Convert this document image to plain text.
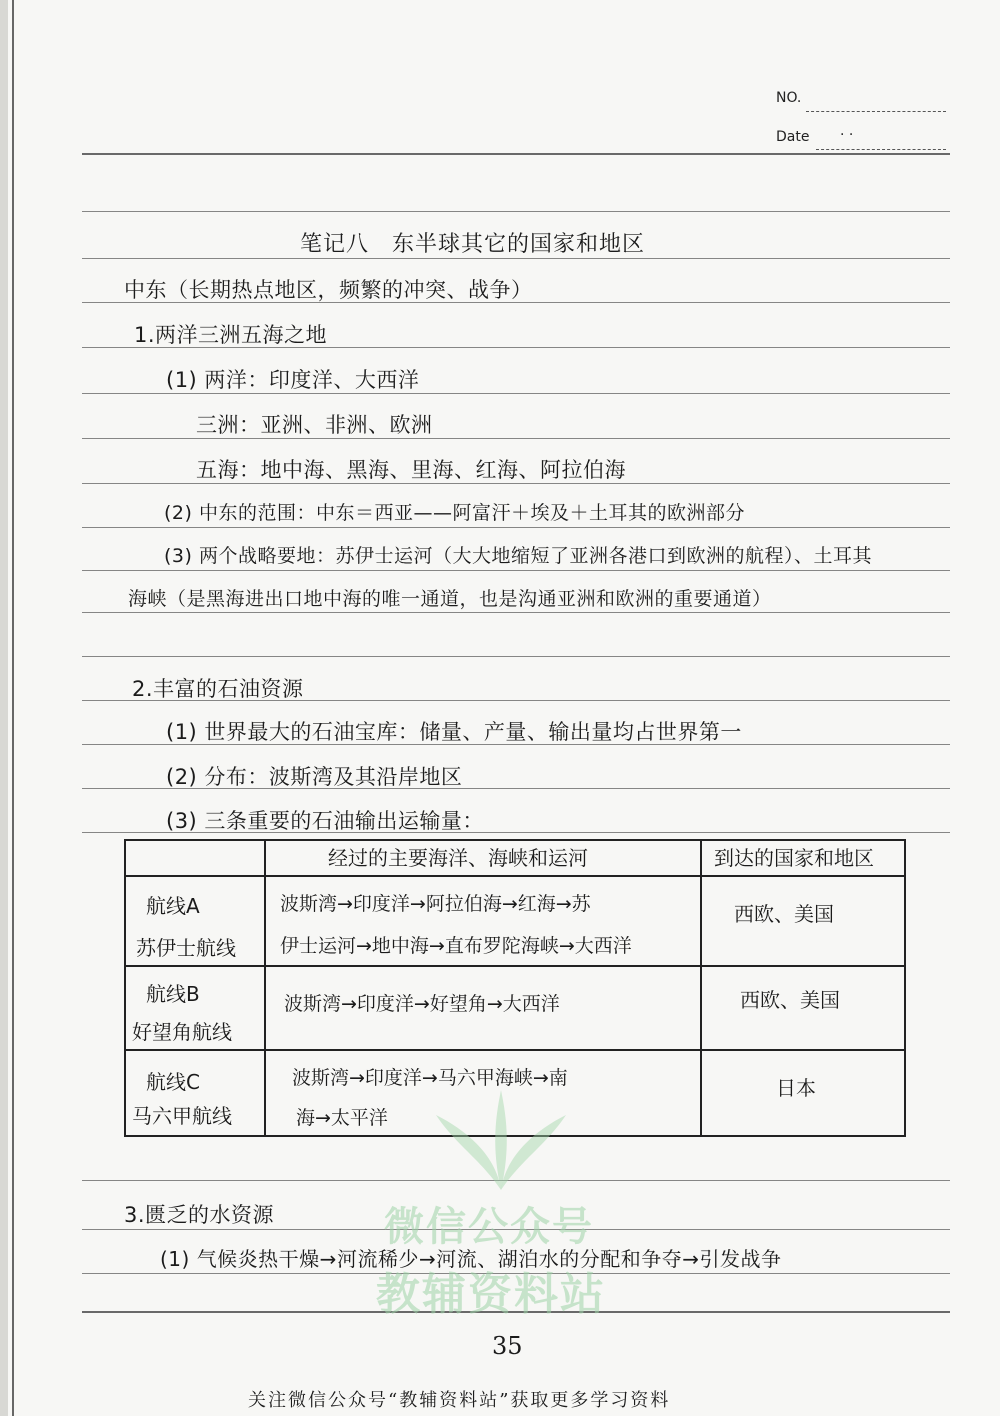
NO.
Date · ·
笔记八　东半球其它的国家和地区
中东（长期热点地区，频繁的冲突、战争）
1.两洋三洲五海之地
(1) 两洋：印度洋、大西洋
三洲：亚洲、非洲、欧洲
五海：地中海、黑海、里海、红海、阿拉伯海
(2) 中东的范围：中东＝西亚——阿富汗＋埃及＋土耳其的欧洲部分
(3) 两个战略要地：苏伊士运河（大大地缩短了亚洲各港口到欧洲的航程）、土耳其
海峡（是黑海进出口地中海的唯一通道，也是沟通亚洲和欧洲的重要通道）
2.丰富的石油资源
(1) 世界最大的石油宝库：储量、产量、输出量均占世界第一
(2) 分布：波斯湾及其沿岸地区
(3) 三条重要的石油输出运输量：
经过的主要海洋、海峡和运河	到达的国家和地区
航线A
苏伊士航线
波斯湾→印度洋→阿拉伯海→红海→苏
伊士运河→地中海→直布罗陀海峡→大西洋
西欧、美国
航线B
好望角航线
波斯湾→印度洋→好望角→大西洋	西欧、美国
航线C
马六甲航线
波斯湾→印度洋→马六甲海峡→南
海→太平洋
日本
微信公众号
教辅资料站
3.匮乏的水资源
(1) 气候炎热干燥→河流稀少→河流、湖泊水的分配和争夺→引发战争
35
关注微信公众号“教辅资料站”获取更多学习资料
